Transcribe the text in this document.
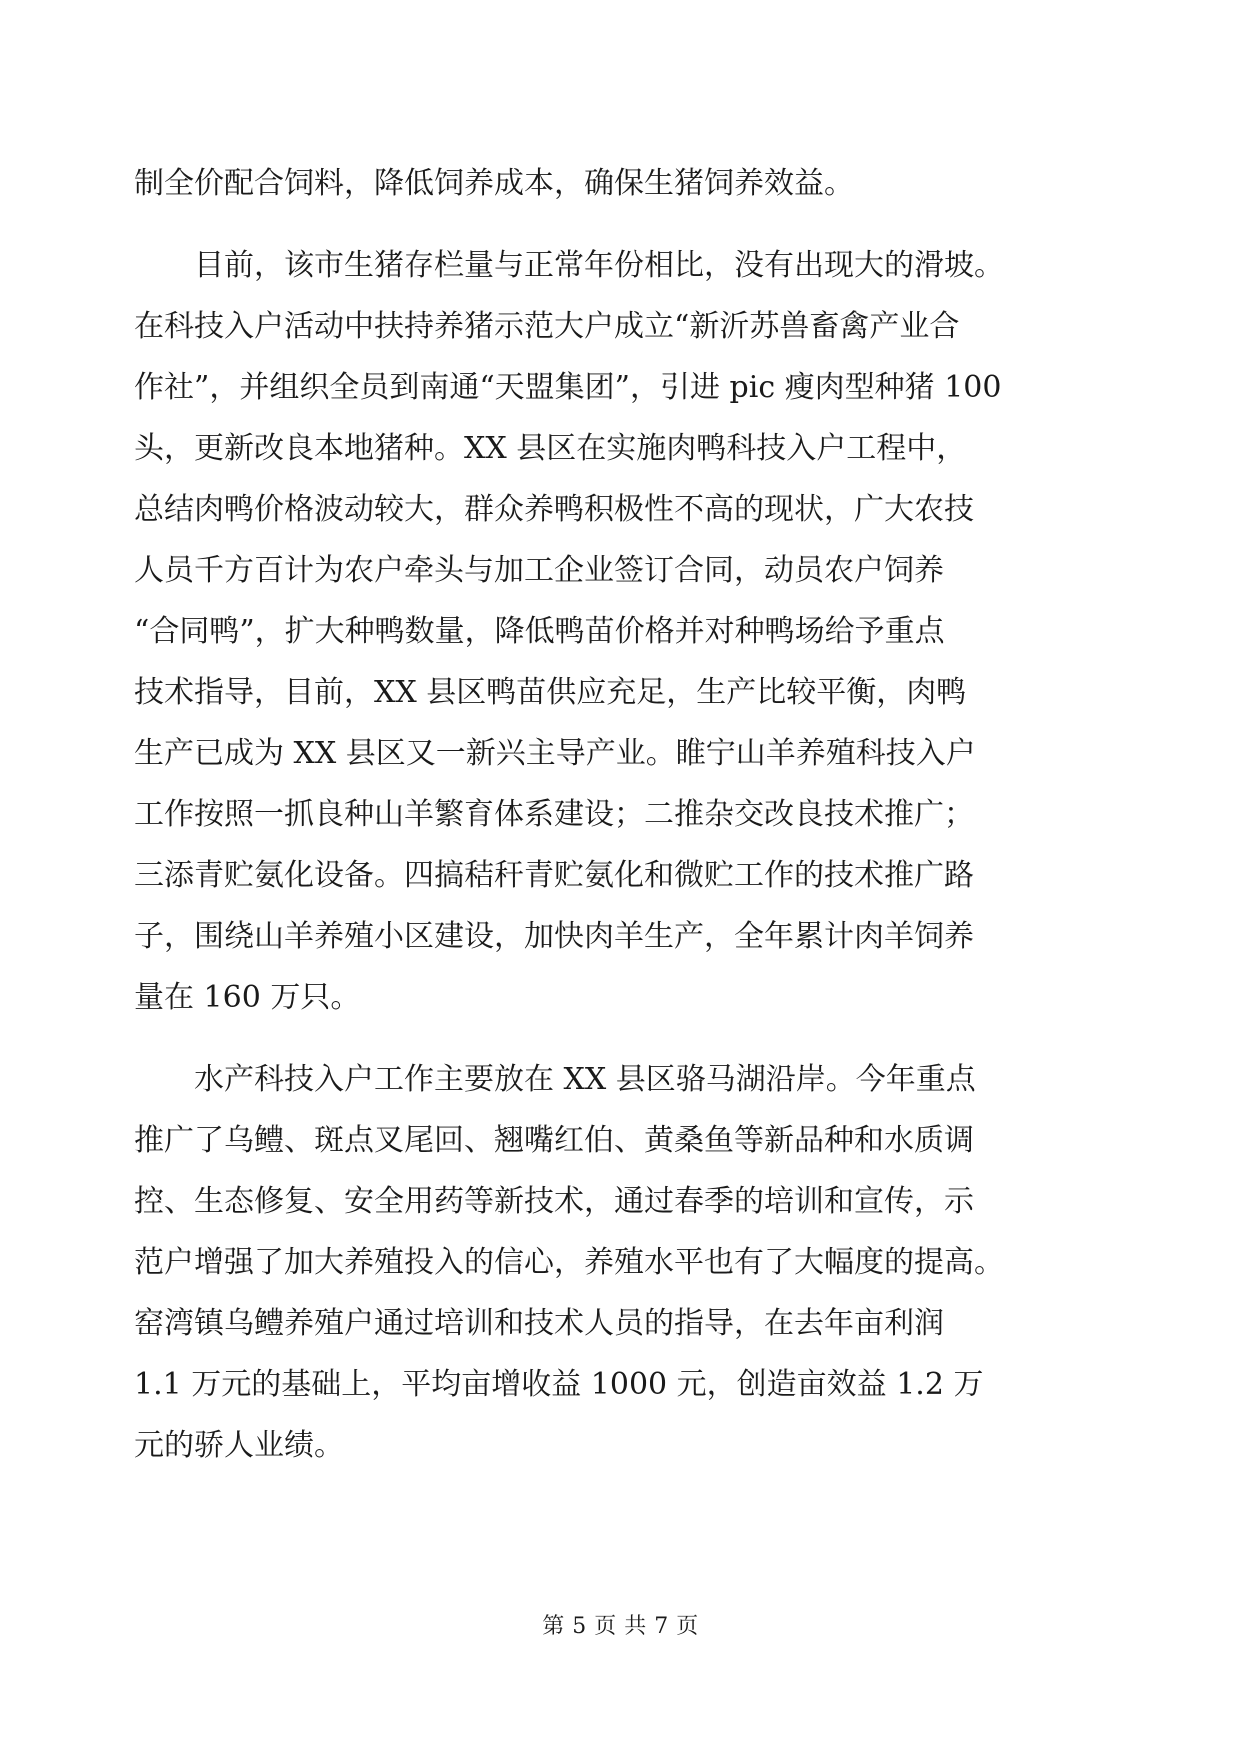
制全价配合饲料，降低饲养成本，确保生猪饲养效益。
　　目前，该市生猪存栏量与正常年份相比，没有出现大的滑坡。
在科技入户活动中扶持养猪示范大户成立“新沂苏兽畜禽产业合
作社”，并组织全员到南通“天盟集团”，引进 pic 瘦肉型种猪 100
头，更新改良本地猪种。XX 县区在实施肉鸭科技入户工程中，
总结肉鸭价格波动较大，群众养鸭积极性不高的现状，广大农技
人员千方百计为农户牵头与加工企业签订合同，动员农户饲养
“合同鸭”，扩大种鸭数量，降低鸭苗价格并对种鸭场给予重点
技术指导，目前，XX 县区鸭苗供应充足，生产比较平衡，肉鸭
生产已成为 XX 县区又一新兴主导产业。睢宁山羊养殖科技入户
工作按照一抓良种山羊繁育体系建设；二推杂交改良技术推广；
三添青贮氨化设备。四搞秸秆青贮氨化和微贮工作的技术推广路
子，围绕山羊养殖小区建设，加快肉羊生产，全年累计肉羊饲养
量在 160 万只。
　　水产科技入户工作主要放在 XX 县区骆马湖沿岸。今年重点
推广了乌鳢、斑点叉尾回、翘嘴红伯、黄桑鱼等新品种和水质调
控、生态修复、安全用药等新技术，通过春季的培训和宣传，示
范户增强了加大养殖投入的信心，养殖水平也有了大幅度的提高。
窑湾镇乌鳢养殖户通过培训和技术人员的指导，在去年亩利润
1.1 万元的基础上，平均亩增收益 1000 元，创造亩效益 1.2 万
元的骄人业绩。
第 5 页 共 7 页
